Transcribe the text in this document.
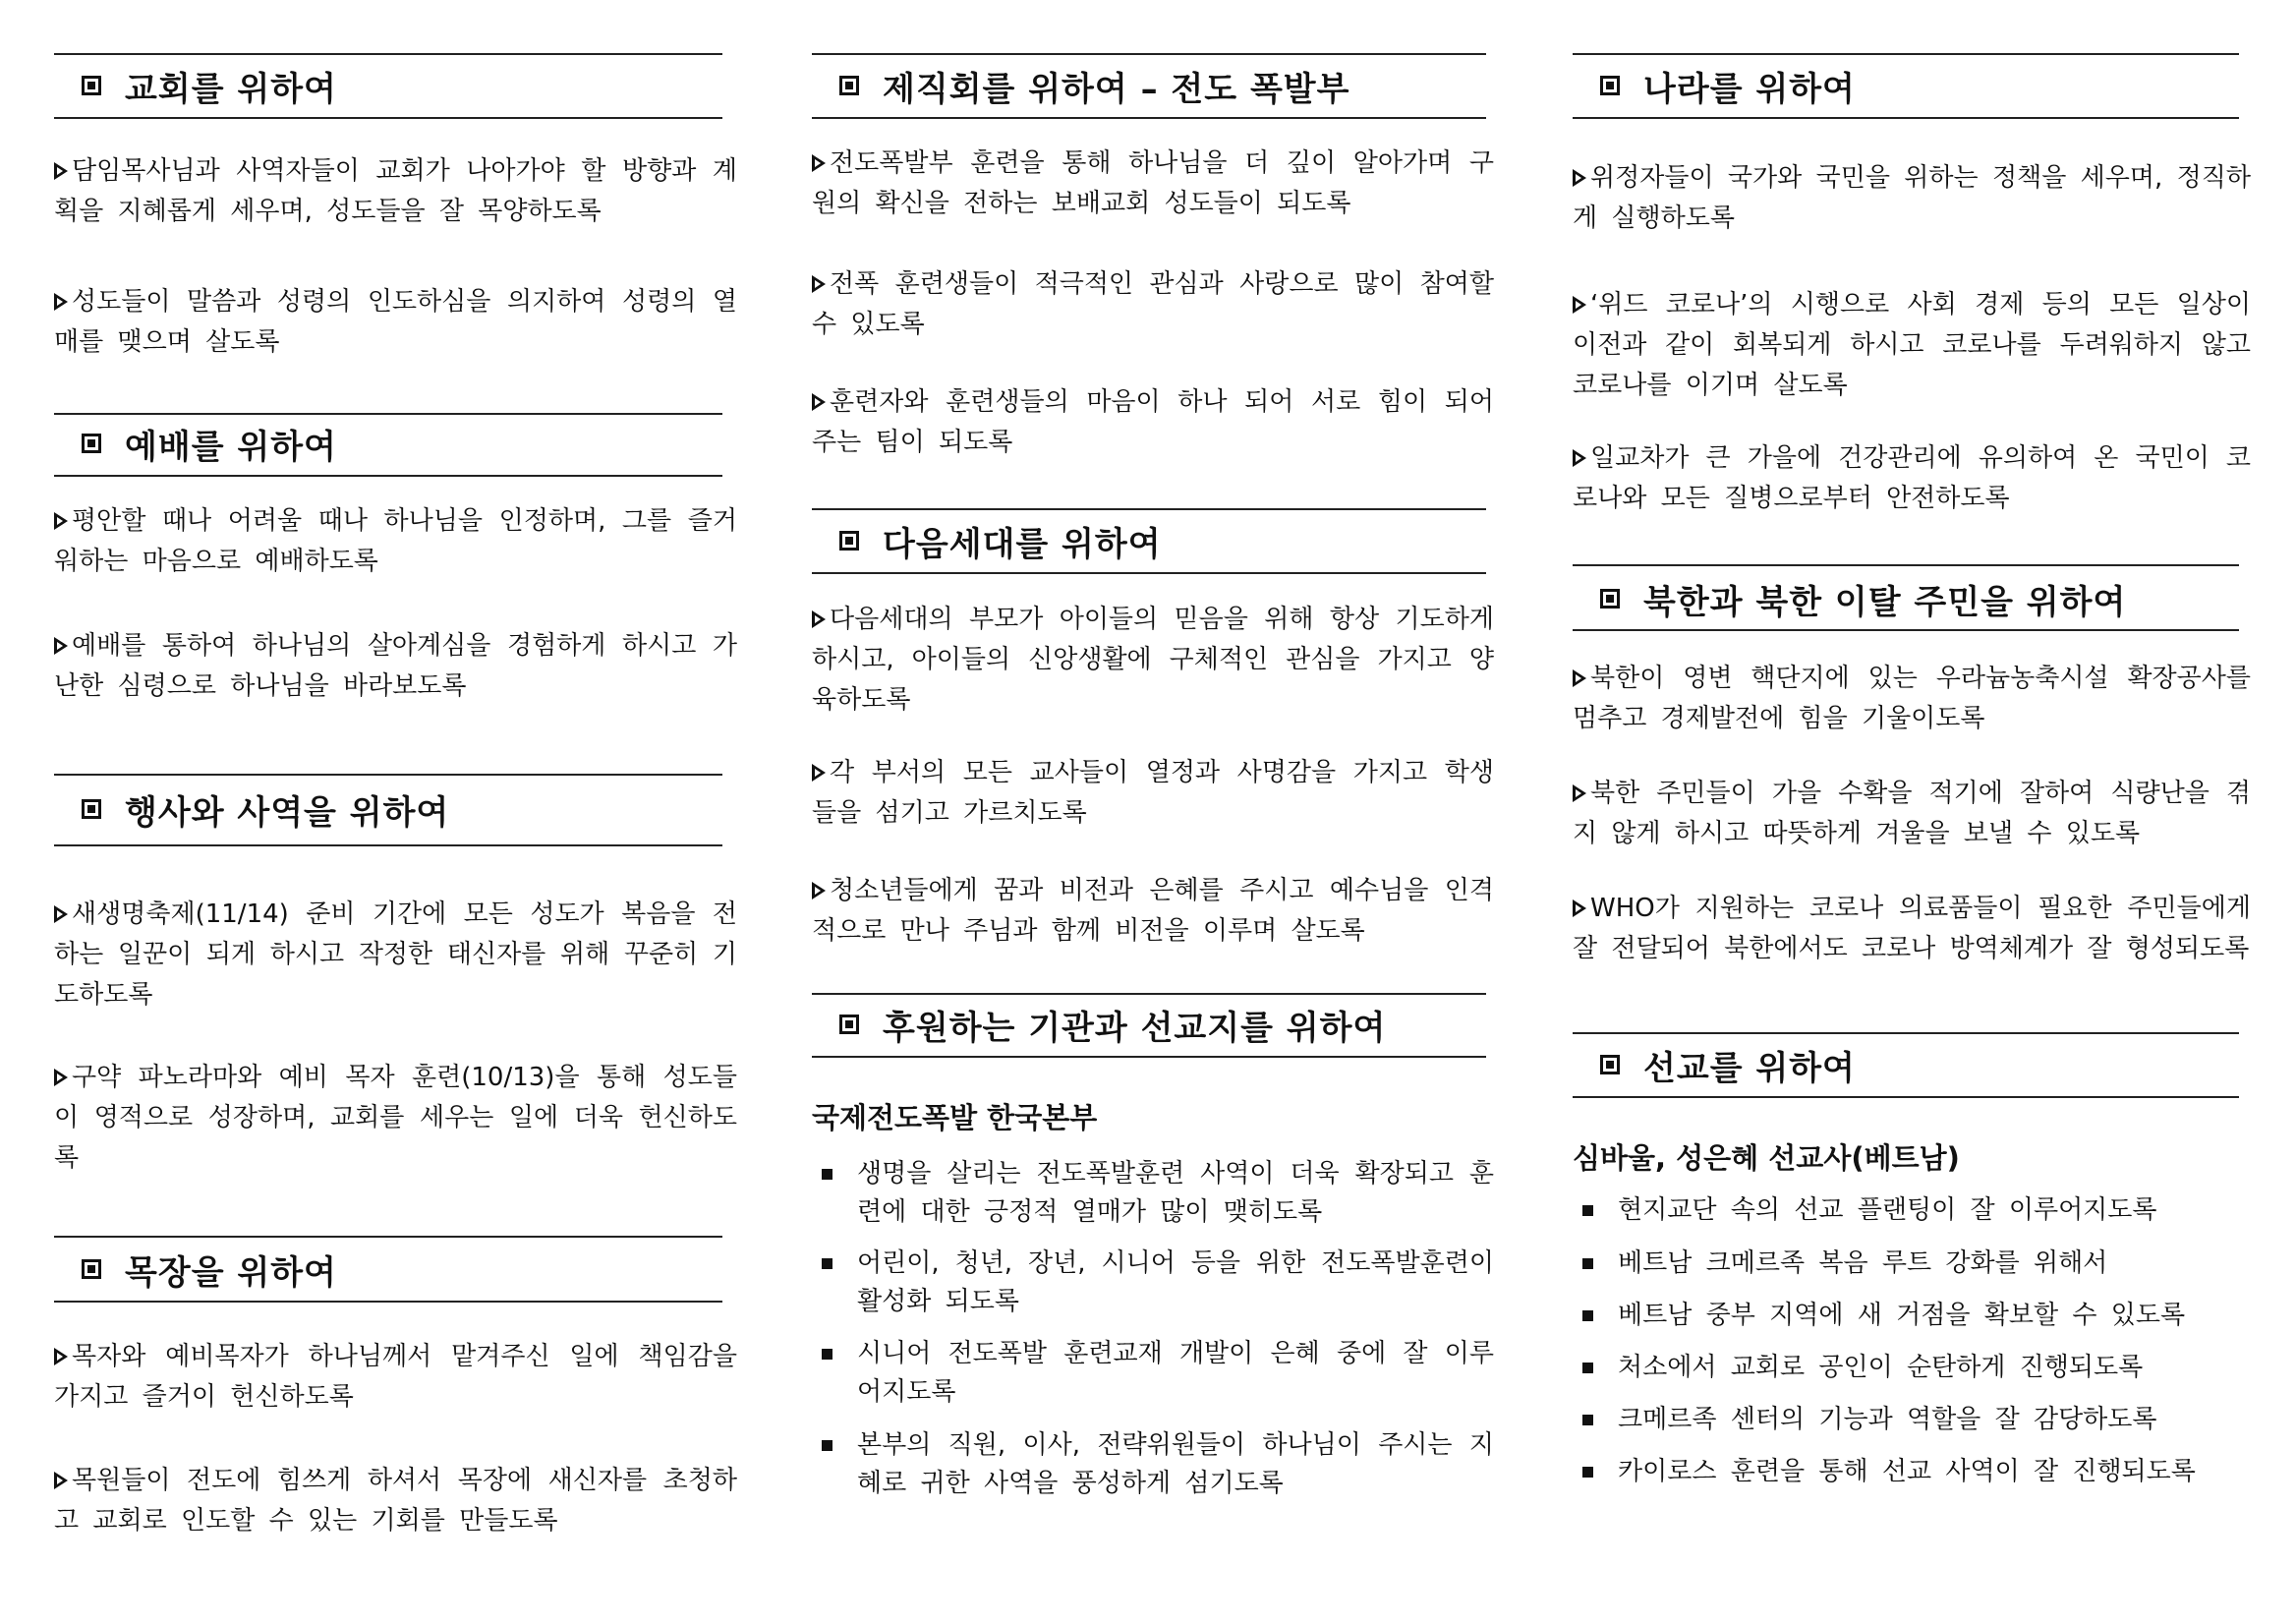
교회를 위하여
담임목사님과 사역자들이 교회가 나아가야 할 방향과 계획을 지혜롭게 세우며, 성도들을 잘 목양하도록
성도들이 말씀과 성령의 인도하심을 의지하여 성령의 열매를 맺으며 살도록
예배를 위하여
평안할 때나 어려울 때나 하나님을 인정하며, 그를 즐거워하는 마음으로 예배하도록
예배를 통하여 하나님의 살아계심을 경험하게 하시고 가난한 심령으로 하나님을 바라보도록
행사와 사역을 위하여
새생명축제(11/14) 준비 기간에 모든 성도가 복음을 전하는 일꾼이 되게 하시고 작정한 태신자를 위해 꾸준히 기도하도록
구약 파노라마와 예비 목자 훈련(10/13)을 통해 성도들이 영적으로 성장하며, 교회를 세우는 일에 더욱 헌신하도록
목장을 위하여
목자와 예비목자가 하나님께서 맡겨주신 일에 책임감을 가지고 즐거이 헌신하도록
목원들이 전도에 힘쓰게 하셔서 목장에 새신자를 초청하고 교회로 인도할 수 있는 기회를 만들도록
제직회를 위하여 – 전도 폭발부
전도폭발부 훈련을 통해 하나님을 더 깊이 알아가며 구원의 확신을 전하는 보배교회 성도들이 되도록
전폭 훈련생들이 적극적인 관심과 사랑으로 많이 참여할 수 있도록
훈련자와 훈련생들의 마음이 하나 되어 서로 힘이 되어주는 팀이 되도록
다음세대를 위하여
다음세대의 부모가 아이들의 믿음을 위해 항상 기도하게 하시고, 아이들의 신앙생활에 구체적인 관심을 가지고 양육하도록
각 부서의 모든 교사들이 열정과 사명감을 가지고 학생들을 섬기고 가르치도록
청소년들에게 꿈과 비전과 은혜를 주시고 예수님을 인격적으로 만나 주님과 함께 비전을 이루며 살도록
후원하는 기관과 선교지를 위하여
국제전도폭발 한국본부
생명을 살리는 전도폭발훈련 사역이 더욱 확장되고 훈련에 대한 긍정적 열매가 많이 맺히도록
어린이, 청년, 장년, 시니어 등을 위한 전도폭발훈련이 활성화 되도록
시니어 전도폭발 훈련교재 개발이 은혜 중에 잘 이루어지도록
본부의 직원, 이사, 전략위원들이 하나님이 주시는 지혜로 귀한 사역을 풍성하게 섬기도록
나라를 위하여
위정자들이 국가와 국민을 위하는 정책을 세우며, 정직하게 실행하도록
‘위드 코로나’의 시행으로 사회 경제 등의 모든 일상이 이전과 같이 회복되게 하시고 코로나를 두려워하지 않고 코로나를 이기며 살도록
일교차가 큰 가을에 건강관리에 유의하여 온 국민이 코로나와 모든 질병으로부터 안전하도록
북한과 북한 이탈 주민을 위하여
북한이 영변 핵단지에 있는 우라늄농축시설 확장공사를 멈추고 경제발전에 힘을 기울이도록
북한 주민들이 가을 수확을 적기에 잘하여 식량난을 겪지 않게 하시고 따뜻하게 겨울을 보낼 수 있도록
WHO가 지원하는 코로나 의료품들이 필요한 주민들에게 잘 전달되어 북한에서도 코로나 방역체계가 잘 형성되도록
선교를 위하여
심바울, 성은혜 선교사(베트남)
현지교단 속의 선교 플랜팅이 잘 이루어지도록
베트남 크메르족 복음 루트 강화를 위해서
베트남 중부 지역에 새 거점을 확보할 수 있도록
처소에서 교회로 공인이 순탄하게 진행되도록
크메르족 센터의 기능과 역할을 잘 감당하도록
카이로스 훈련을 통해 선교 사역이 잘 진행되도록
